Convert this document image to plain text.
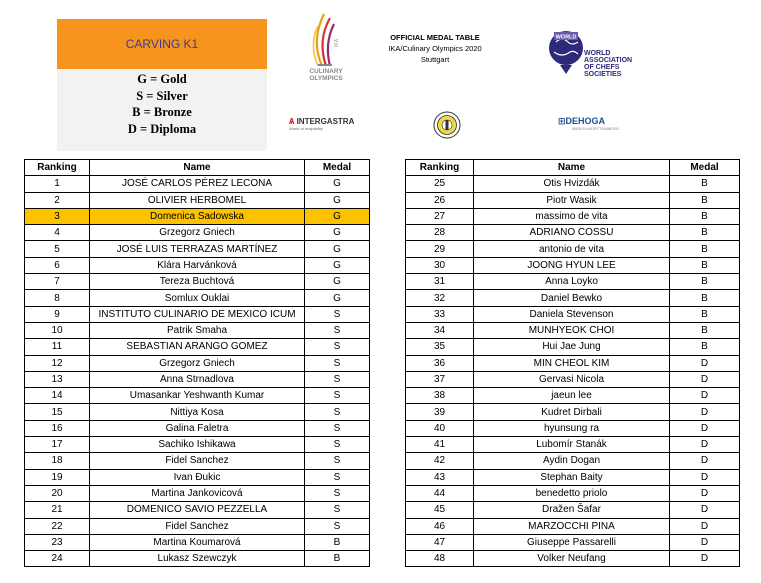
CARVING K1
G = Gold
S = Silver
B = Bronze
D = Diploma
IKA
CULINARY
OLYMPICS
OFFICIAL MEDAL TABLE
IKA/Culinary Olympics 2020
Stuttgart
WORLD
WORLD
ASSOCIATION
OF CHEFS
SOCIETIES
Ѧ INTERGASTRA
World of hospitality
⊞DEHOGA
BADEN-WÜRTTEMBERG
Ranking	Name	Medal
1	JOSÉ CARLOS PÉREZ LECONA	G
2	OLIVIER HERBOMEL	G
3	Domenica Sadowska	G
4	Grzegorz Gniech	G
5	JOSÉ LUIS TERRAZAS MARTÍNEZ	G
6	Klára Harvánková	G
7	Tereza Buchtová	G
8	Somlux Ouklai	G
9	INSTITUTO CULINARIO DE MEXICO ICUM	S
10	Patrik Smaha	S
11	SEBASTIAN ARANGO GOMEZ	S
12	Grzegorz Gniech	S
13	Anna Strnadlova	S
14	Umasankar Yeshwanth Kumar	S
15	Nittiya Kosa	S
16	Galina Faletra	S
17	Sachiko Ishikawa	S
18	Fidel Sanchez	S
19	Ivan Đukic	S
20	Martina Jankovicová	S
21	DOMENICO SAVIO PEZZELLA	S
22	Fidel Sanchez	S
23	Martina Koumarová	B
24	Lukasz Szewczyk	B
Ranking	Name	Medal
25	Otis Hvizdák	B
26	Piotr Wasik	B
27	massimo de vita	B
28	ADRIANO COSSU	B
29	antonio de vita	B
30	JOONG HYUN LEE	B
31	Anna Loyko	B
32	Daniel Bewko	B
33	Daniela Stevenson	B
34	MUNHYEOK CHOI	B
35	Hui Jae Jung	B
36	MIN CHEOL KIM	D
37	Gervasi Nicola	D
38	jaeun lee	D
39	Kudret Dirbali	D
40	hyunsung ra	D
41	Lubomír Stanák	D
42	Aydin Dogan	D
43	Stephan Baity	D
44	benedetto priolo	D
45	Dražen Šafar	D
46	MARZOCCHI PINA	D
47	Giuseppe Passarelli	D
48	Volker Neufang	D
